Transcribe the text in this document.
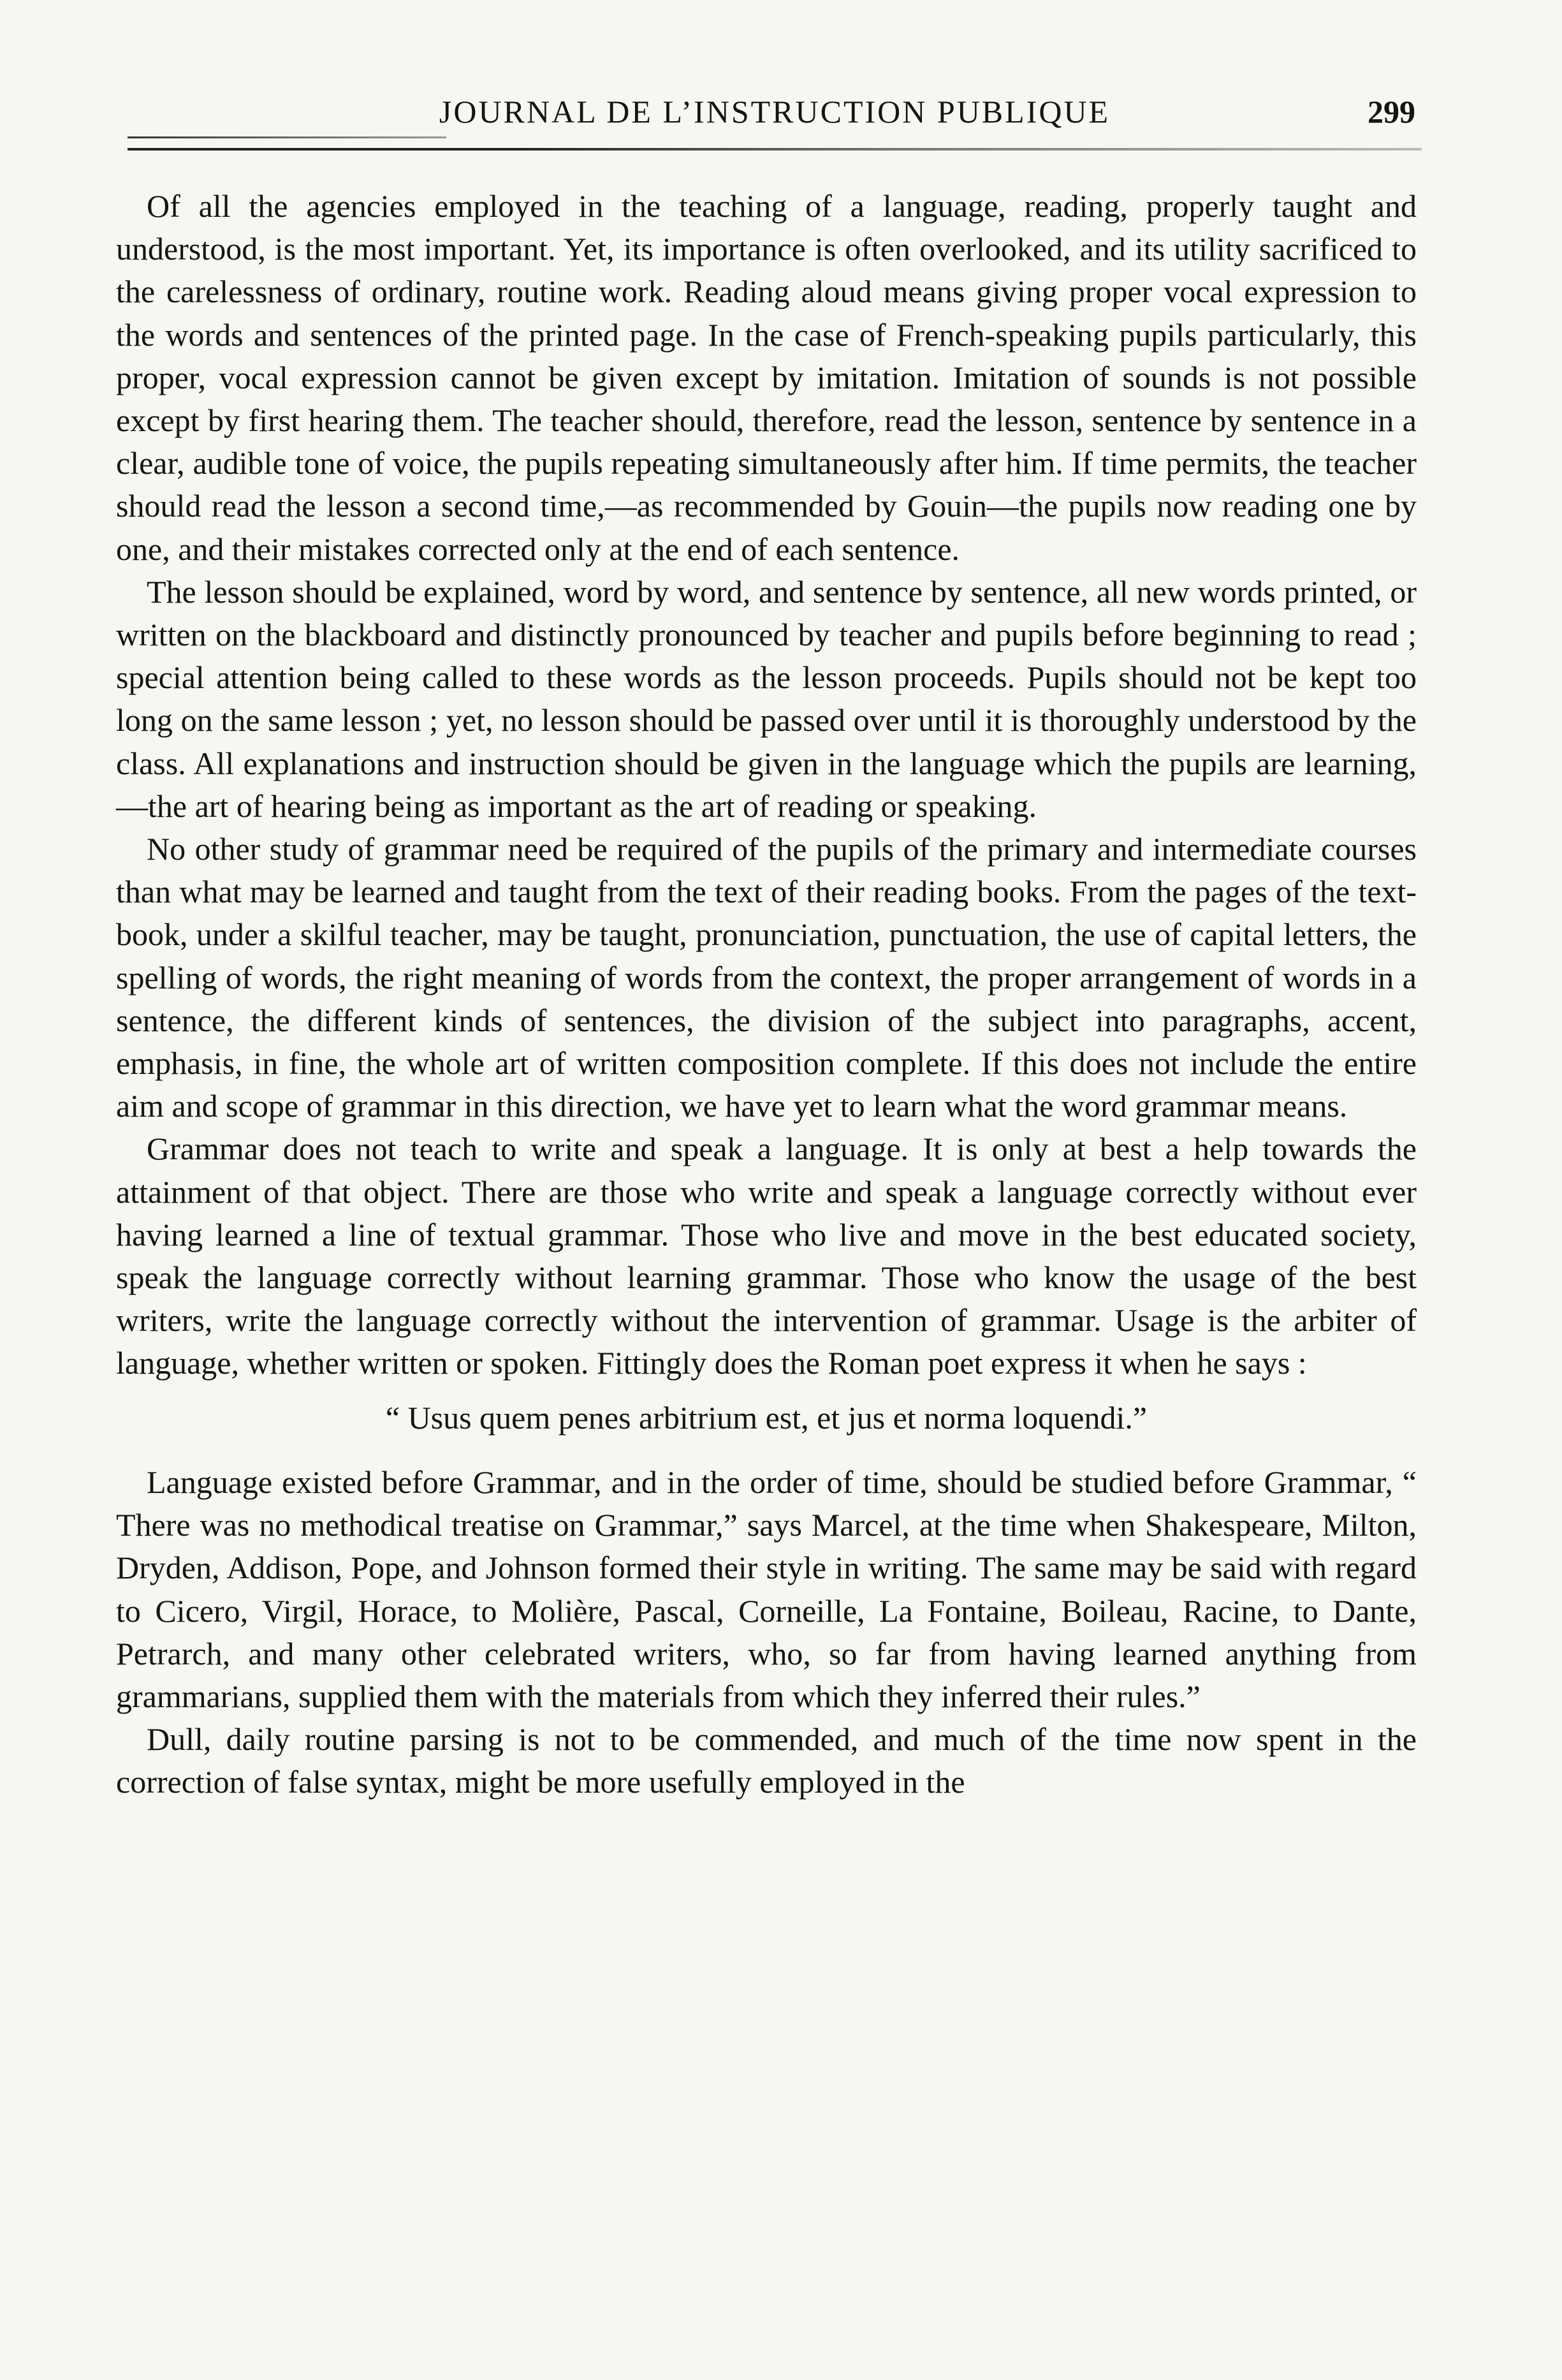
JOURNAL DE L’INSTRUCTION PUBLIQUE	299

Of all the agencies employed in the teaching of a language, reading, properly taught and understood, is the most important. Yet, its importance is often overlooked, and its utility sacrificed to the carelessness of ordinary, routine work. Reading aloud means giving proper vocal expression to the words and sentences of the printed page. In the case of French-speaking pupils particularly, this proper, vocal expression cannot be given except by imitation. Imitation of sounds is not possible except by first hearing them. The teacher should, therefore, read the lesson, sentence by sentence in a clear, audible tone of voice, the pupils repeating simultaneously after him. If time permits, the teacher should read the lesson a second time,—as recommended by Gouin—the pupils now reading one by one, and their mistakes corrected only at the end of each sentence.

The lesson should be explained, word by word, and sentence by sentence, all new words printed, or written on the blackboard and distinctly pronounced by teacher and pupils before beginning to read ; special attention being called to these words as the lesson proceeds. Pupils should not be kept too long on the same lesson ; yet, no lesson should be passed over until it is thoroughly understood by the class. All explanations and instruction should be given in the language which the pupils are learning,—the art of hearing being as important as the art of reading or speaking.

No other study of grammar need be required of the pupils of the primary and intermediate courses than what may be learned and taught from the text of their reading books. From the pages of the text-book, under a skilful teacher, may be taught, pronunciation, punctuation, the use of capital letters, the spelling of words, the right meaning of words from the context, the proper arrangement of words in a sentence, the different kinds of sentences, the division of the subject into paragraphs, accent, emphasis, in fine, the whole art of written composition complete. If this does not include the entire aim and scope of grammar in this direction, we have yet to learn what the word grammar means.

Grammar does not teach to write and speak a language. It is only at best a help towards the attainment of that object. There are those who write and speak a language correctly without ever having learned a line of textual grammar. Those who live and move in the best educated society, speak the language correctly without learning grammar. Those who know the usage of the best writers, write the language correctly without the intervention of grammar. Usage is the arbiter of language, whether written or spoken. Fittingly does the Roman poet express it when he says :

“ Usus quem penes arbitrium est, et jus et norma loquendi.”

Language existed before Grammar, and in the order of time, should be studied before Grammar, “ There was no methodical treatise on Grammar,” says Marcel, at the time when Shakespeare, Milton, Dryden, Addison, Pope, and Johnson formed their style in writing. The same may be said with regard to Cicero, Virgil, Horace, to Molière, Pascal, Corneille, La Fontaine, Boileau, Racine, to Dante, Petrarch, and many other celebrated writers, who, so far from having learned anything from grammarians, supplied them with the materials from which they inferred their rules.”

Dull, daily routine parsing is not to be commended, and much of the time now spent in the correction of false syntax, might be more usefully employed in the
